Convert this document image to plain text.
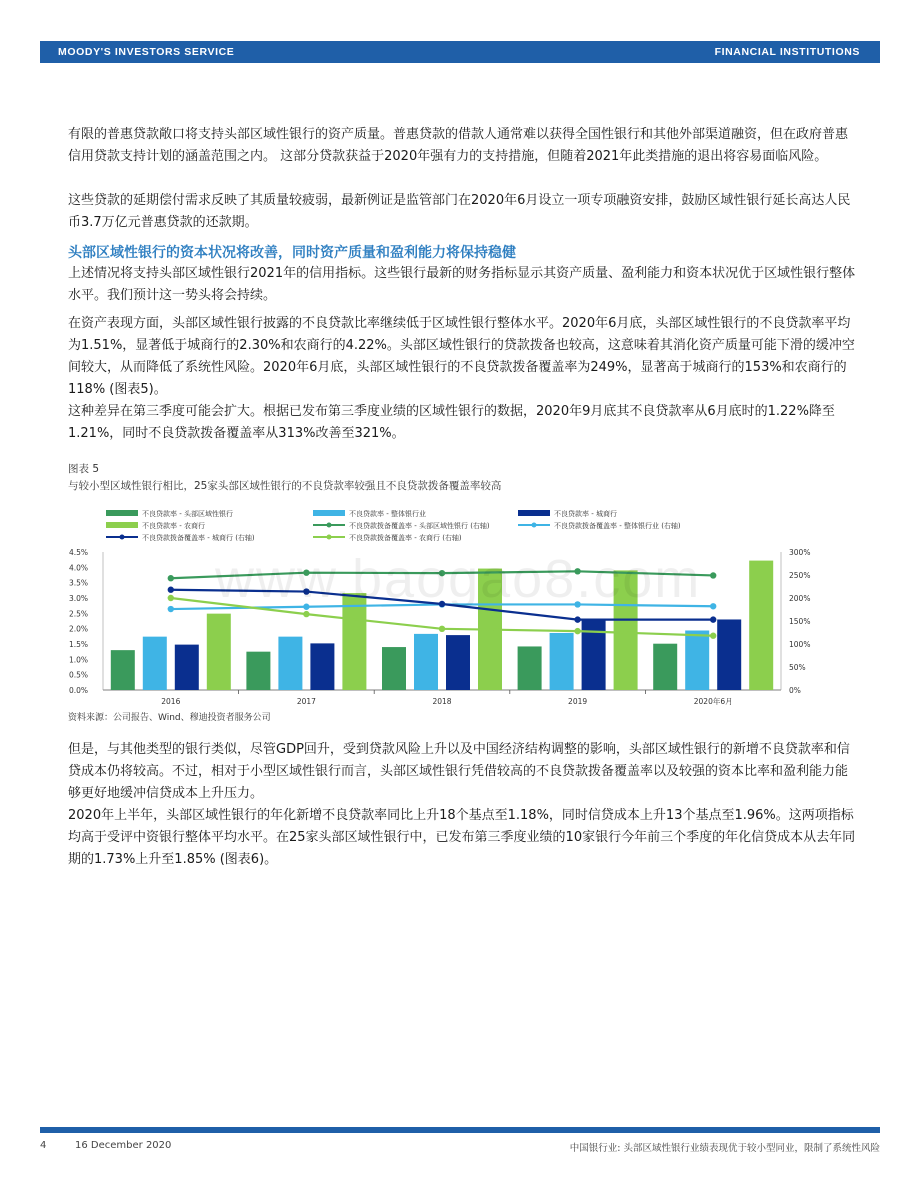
MOODY'S INVESTORS SERVICE	FINANCIAL INSTITUTIONS

有限的普惠贷款敞口将支持头部区域性银行的资产质量。普惠贷款的借款人通常难以获得全国性银行和其他外部渠道融资，但在政府普惠信用贷款支持计划的涵盖范围之内。 这部分贷款获益于2020年强有力的支持措施，但随着2021年此类措施的退出将容易面临风险。

这些贷款的延期偿付需求反映了其质量较疲弱，最新例证是监管部门在2020年6月设立一项专项融资安排，鼓励区域性银行延长高达人民币3.7万亿元普惠贷款的还款期。

头部区域性银行的资本状况将改善，同时资产质量和盈利能力将保持稳健

上述情况将支持头部区域性银行2021年的信用指标。这些银行最新的财务指标显示其资产质量、盈利能力和资本状况优于区域性银行整体水平。我们预计这一势头将会持续。

在资产表现方面，头部区域性银行披露的不良贷款比率继续低于区域性银行整体水平。2020年6月底，头部区域性银行的不良贷款率平均为1.51%，显著低于城商行的2.30%和农商行的4.22%。头部区域性银行的贷款拨备也较高，这意味着其消化资产质量可能下滑的缓冲空间较大，从而降低了系统性风险。2020年6月底，头部区域性银行的不良贷款拨备覆盖率为249%，显著高于城商行的153%和农商行的118% (图表5)。

这种差异在第三季度可能会扩大。根据已发布第三季度业绩的区域性银行的数据，2020年9月底其不良贷款率从6月底时的1.22%降至1.21%，同时不良贷款拨备覆盖率从313%改善至321%。

图表 5
与较小型区域性银行相比，25家头部区域性银行的不良贷款率较强且不良贷款拨备覆盖率较高
不良贷款率 - 头部区域性银行	不良贷款率 - 整体银行业	不良贷款率 - 城商行
不良贷款率 - 农商行	不良贷款拨备覆盖率 - 头部区域性银行 (右轴)	不良贷款拨备覆盖率 - 整体银行业 (右轴)
不良贷款拨备覆盖率 - 城商行 (右轴)	不良贷款拨备覆盖率 - 农商行 (右轴)
0.0%
0.5%
1.0%
1.5%
2.0%
2.5%
3.0%
3.5%
4.0%
4.5%
0%
50%
100%
150%
200%
250%
300%
2016	2017	2018	2019	2020年6月
www.baogao8.com
资料来源：公司报告、Wind、穆迪投资者服务公司

但是，与其他类型的银行类似，尽管GDP回升，受到贷款风险上升以及中国经济结构调整的影响，头部区域性银行的新增不良贷款率和信贷成本仍将较高。不过，相对于小型区域性银行而言，头部区域性银行凭借较高的不良贷款拨备覆盖率以及较强的资本比率和盈利能力能够更好地缓冲信贷成本上升压力。

2020年上半年，头部区域性银行的年化新增不良贷款率同比上升18个基点至1.18%，同时信贷成本上升13个基点至1.96%。这两项指标均高于受评中资银行整体平均水平。在25家头部区域性银行中，已发布第三季度业绩的10家银行今年前三个季度的年化信贷成本从去年同期的1.73%上升至1.85% (图表6)。

4	16 December 2020	中国银行业: 头部区域性银行业绩表现优于较小型同业，限制了系统性风险
